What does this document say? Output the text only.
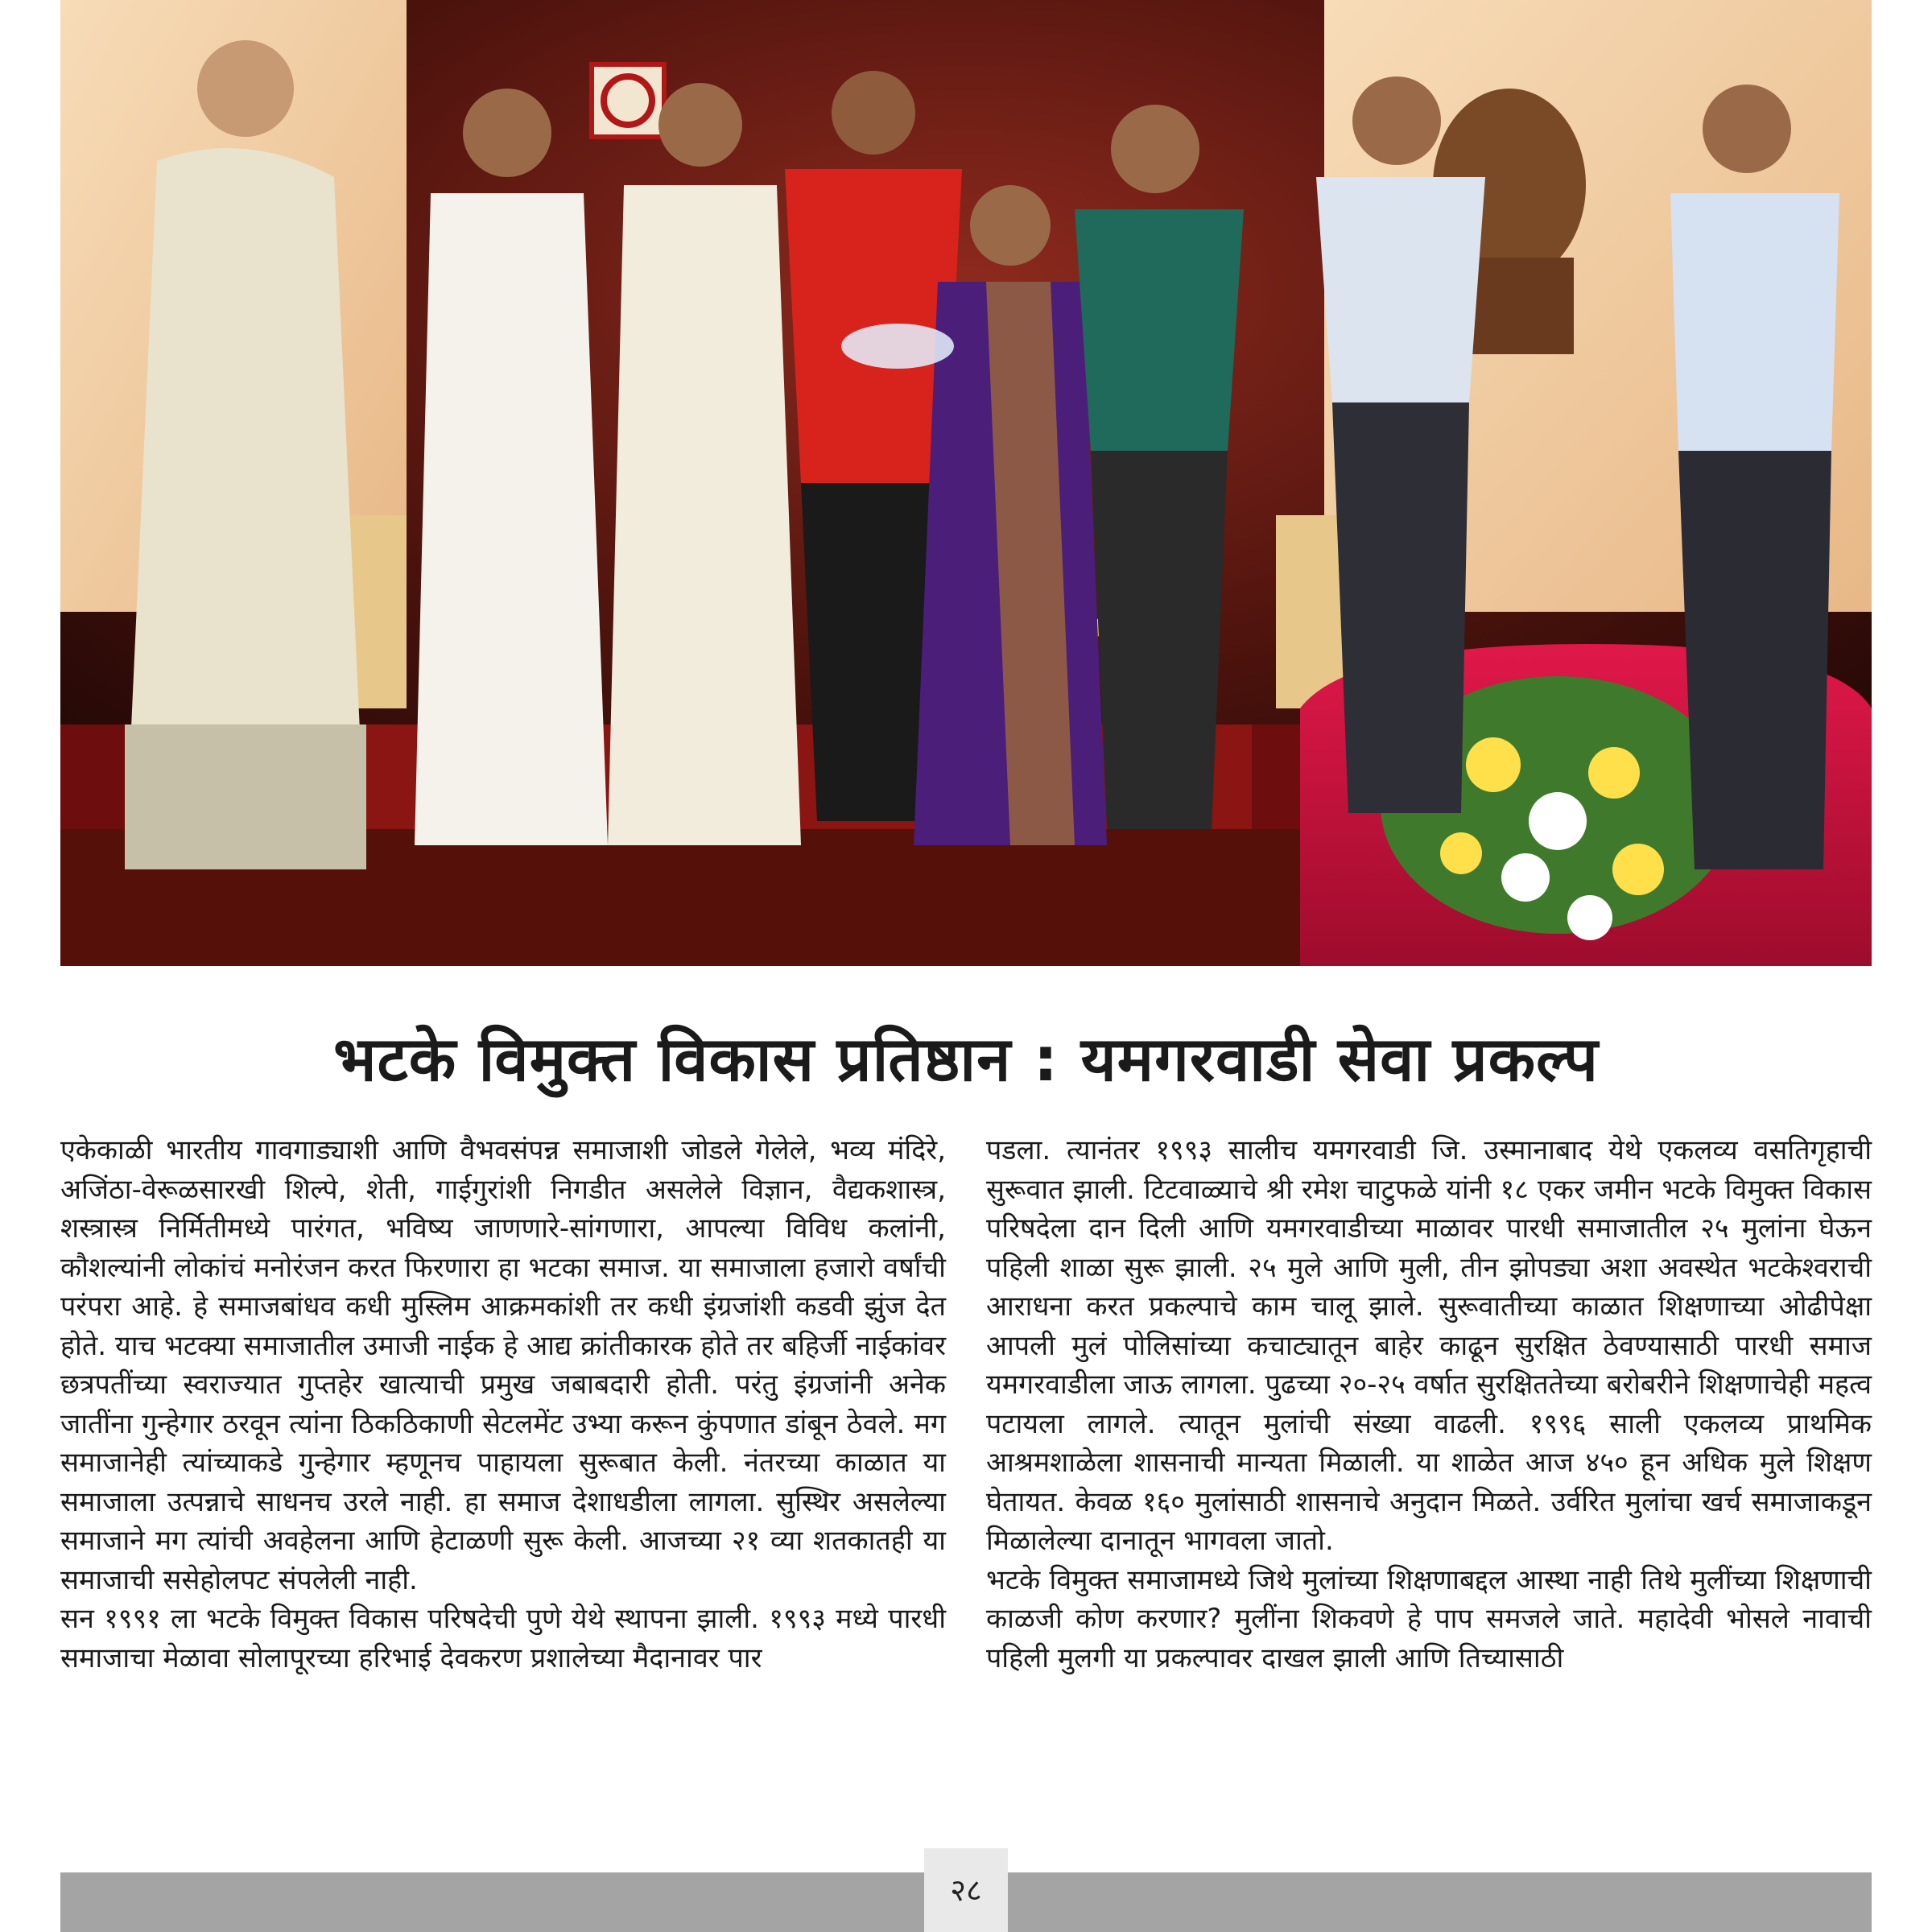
भटके विमुक्त विकास प्रतिष्ठान : यमगरवाडी सेवा प्रकल्प

एकेकाळी भारतीय गावगाड्याशी आणि वैभवसंपन्न समाजाशी जोडले गेलेले, भव्य मंदिरे, अजिंठा-वेरूळसारखी शिल्पे, शेती, गाईगुरांशी निगडीत असलेले विज्ञान, वैद्यकशास्त्र, शस्त्रास्त्र निर्मितीमध्ये पारंगत, भविष्य जाणणारे-सांगणारा, आपल्या विविध कलांनी, कौशल्यांनी लोकांचं मनोरंजन करत फिरणारा हा भटका समाज. या समाजाला हजारो वर्षांची परंपरा आहे. हे समाजबांधव कधी मुस्लिम आक्रमकांशी तर कधी इंग्रजांशी कडवी झुंज देत होते. याच भटक्या समाजातील उमाजी नाईक हे आद्य क्रांतीकारक होते तर बहिर्जी नाईकांवर छत्रपतींच्या स्वराज्यात गुप्तहेर खात्याची प्रमुख जबाबदारी होती. परंतु इंग्रजांनी अनेक जातींना गुन्हेगार ठरवून त्यांना ठिकठिकाणी सेटलमेंट उभ्या करून कुंपणात डांबून ठेवले. मग समाजानेही त्यांच्याकडे गुन्हेगार म्हणूनच पाहायला सुरूबात केली. नंतरच्या काळात या समाजाला उत्पन्नाचे साधनच उरले नाही. हा समाज देशाधडीला लागला. सुस्थिर असलेल्या समाजाने मग त्यांची अवहेलना आणि हेटाळणी सुरू केली. आजच्या २१ व्या शतकातही या समाजाची ससेहोलपट संपलेली नाही.

सन १९९१ ला भटके विमुक्त विकास परिषदेची पुणे येथे स्थापना झाली. १९९३ मध्ये पारधी समाजाचा मेळावा सोलापूरच्या हरिभाई देवकरण प्रशालेच्या मैदानावर पार

पडला. त्यानंतर १९९३ सालीच यमगरवाडी जि. उस्मानाबाद येथे एकलव्य वसतिगृहाची सुरूवात झाली. टिटवाळ्याचे श्री रमेश चाटुफळे यांनी १८ एकर जमीन भटके विमुक्त विकास परिषदेला दान दिली आणि यमगरवाडीच्या माळावर पारधी समाजातील २५ मुलांना घेऊन पहिली शाळा सुरू झाली. २५ मुले आणि मुली, तीन झोपड्या अशा अवस्थेत भटकेश्वराची आराधना करत प्रकल्पाचे काम चालू झाले. सुरूवातीच्या काळात शिक्षणाच्या ओढीपेक्षा आपली मुलं पोलिसांच्या कचाट्यातून बाहेर काढून सुरक्षित ठेवण्यासाठी पारधी समाज यमगरवाडीला जाऊ लागला. पुढच्या २०-२५ वर्षात सुरक्षिततेच्या बरोबरीने शिक्षणाचेही महत्व पटायला लागले. त्यातून मुलांची संख्या वाढली. १९९६ साली एकलव्य प्राथमिक आश्रमशाळेला शासनाची मान्यता मिळाली. या शाळेत आज ४५० हून अधिक मुले शिक्षण घेतायत. केवळ १६० मुलांसाठी शासनाचे अनुदान मिळते. उर्वरित मुलांचा खर्च समाजाकडून मिळालेल्या दानातून भागवला जातो.

भटके विमुक्त समाजामध्ये जिथे मुलांच्या शिक्षणाबद्दल आस्था नाही तिथे मुलींच्या शिक्षणाची काळजी कोण करणार? मुलींना शिकवणे हे पाप समजले जाते. महादेवी भोसले नावाची पहिली मुलगी या प्रकल्पावर दाखल झाली आणि तिच्यासाठी

२८
